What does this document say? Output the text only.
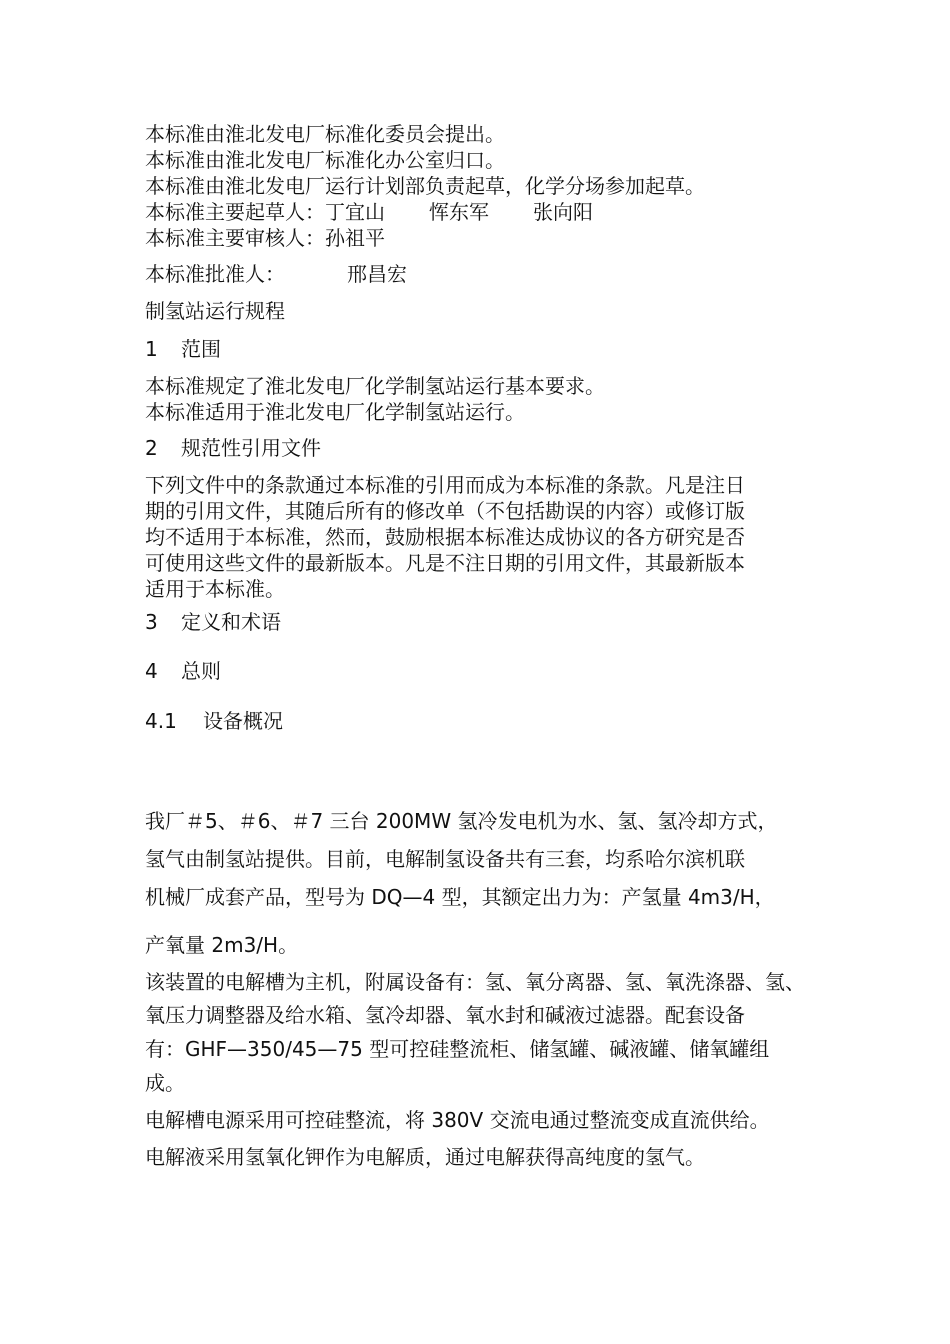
本标准由淮北发电厂标准化委员会提出。
本标准由淮北发电厂标准化办公室归口。
本标准由淮北发电厂运行计划部负责起草，化学分场参加起草。
本标准主要起草人：丁宜山 恽东军 张向阳
本标准主要审核人：孙祖平
本标准批准人：	邢昌宏
制氢站运行规程
1 范围
本标准规定了淮北发电厂化学制氢站运行基本要求。
本标准适用于淮北发电厂化学制氢站运行。
2 规范性引用文件
下列文件中的条款通过本标准的引用而成为本标准的条款。凡是注日
期的引用文件，其随后所有的修改单（不包括勘误的内容）或修订版
均不适用于本标准，然而，鼓励根据本标准达成协议的各方研究是否
可使用这些文件的最新版本。凡是不注日期的引用文件，其最新版本
适用于本标准。
3 定义和术语
4 总则
4.1 设备概况
我厂＃5、＃6、＃7 三台 200MW 氢冷发电机为水、氢、氢冷却方式，
氢气由制氢站提供。目前，电解制氢设备共有三套，均系哈尔滨机联
机械厂成套产品，型号为 DQ—4 型，其额定出力为：产氢量 4m3/H，
产氧量 2m3/H。
该装置的电解槽为主机，附属设备有：氢、氧分离器、氢、氧洗涤器、氢、
氧压力调整器及给水箱、氢冷却器、氧水封和碱液过滤器。配套设备
有：GHF—350/45—75 型可控硅整流柜、储氢罐、碱液罐、储氧罐组
成。
电解槽电源采用可控硅整流，将 380V 交流电通过整流变成直流供给。
电解液采用氢氧化钾作为电解质，通过电解获得高纯度的氢气。
